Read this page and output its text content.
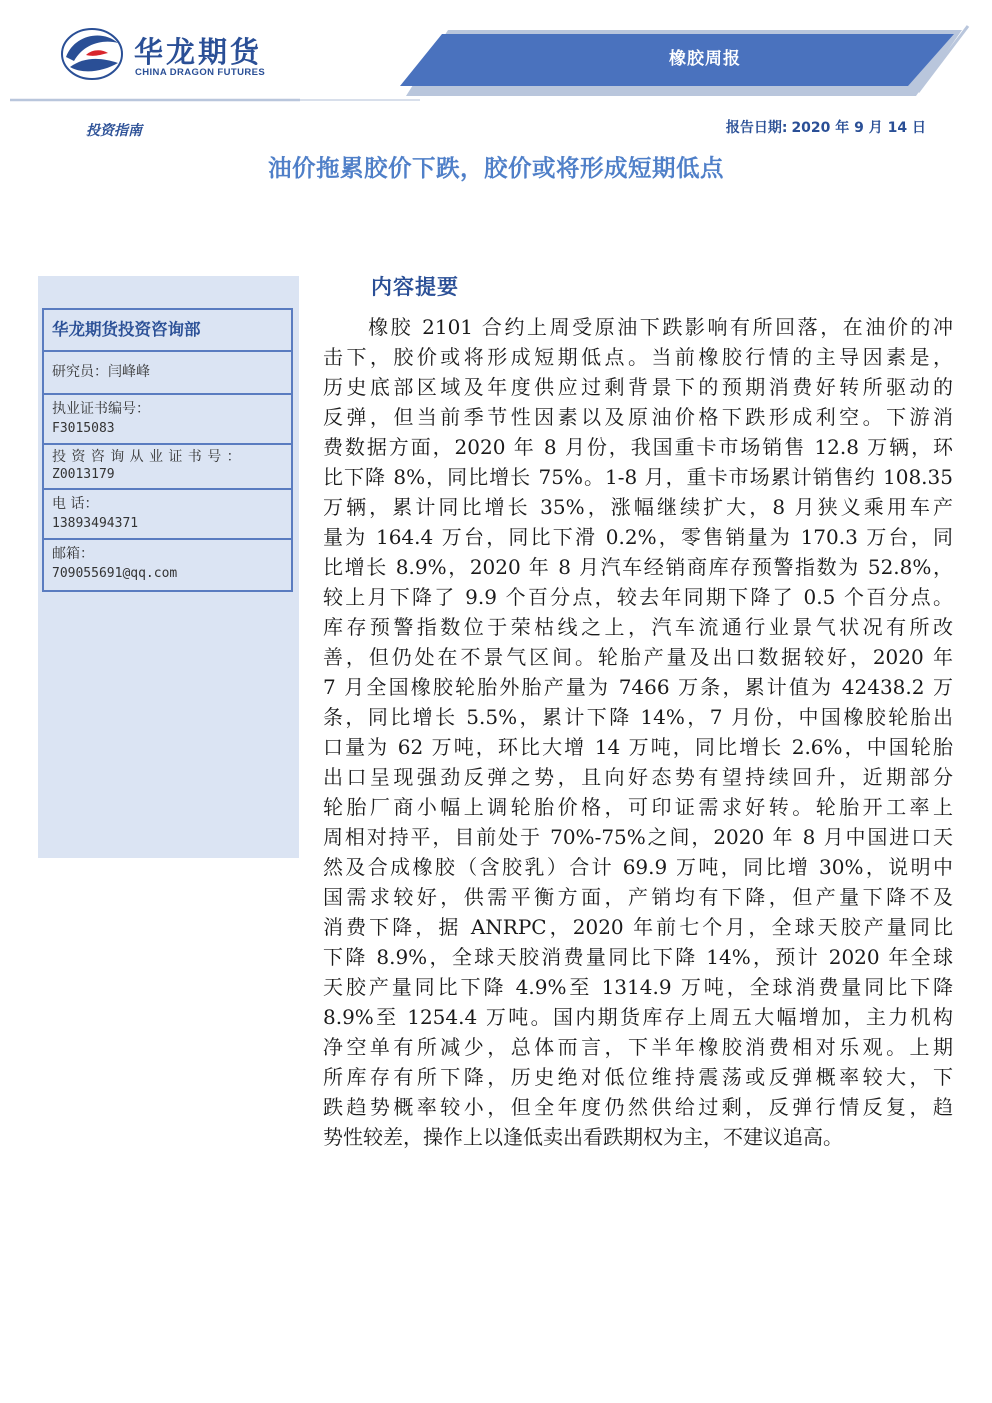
华龙期货
CHINA DRAGON FUTURES
橡胶周报
投资指南	报告日期: 2020 年 9 月 14 日
油价拖累胶价下跌，胶价或将形成短期低点
华龙期货投资咨询部
研究员：闫峰峰
执业证书编号：
F3015083
投资咨询从业证书号：
Z0013179
电 话：
13893494371
邮箱：
709055691@qq.com
内容提要
　　橡胶 2101 合约上周受原油下跌影响有所回落，在油价的冲
击下，胶价或将形成短期低点。当前橡胶行情的主导因素是，
历史底部区域及年度供应过剩背景下的预期消费好转所驱动的
反弹，但当前季节性因素以及原油价格下跌形成利空。下游消
费数据方面，2020 年 8 月份，我国重卡市场销售 12.8 万辆，环
比下降 8%，同比增长 75%。1-8 月，重卡市场累计销售约 108.35
万辆，累计同比增长 35%，涨幅继续扩大，8 月狭义乘用车产
量为 164.4 万台，同比下滑 0.2%，零售销量为 170.3 万台，同
比增长 8.9%，2020 年 8 月汽车经销商库存预警指数为 52.8%，
较上月下降了 9.9 个百分点，较去年同期下降了 0.5 个百分点。
库存预警指数位于荣枯线之上，汽车流通行业景气状况有所改
善，但仍处在不景气区间。轮胎产量及出口数据较好，2020 年
7 月全国橡胶轮胎外胎产量为 7466 万条，累计值为 42438.2 万
条，同比增长 5.5%，累计下降 14%，7 月份，中国橡胶轮胎出
口量为 62 万吨，环比大增 14 万吨，同比增长 2.6%，中国轮胎
出口呈现强劲反弹之势，且向好态势有望持续回升，近期部分
轮胎厂商小幅上调轮胎价格，可印证需求好转。轮胎开工率上
周相对持平，目前处于 70%-75%之间，2020 年 8 月中国进口天
然及合成橡胶（含胶乳）合计 69.9 万吨，同比增 30%，说明中
国需求较好，供需平衡方面，产销均有下降，但产量下降不及
消费下降，据 ANRPC，2020 年前七个月，全球天胶产量同比
下降 8.9%，全球天胶消费量同比下降 14%，预计 2020 年全球
天胶产量同比下降 4.9%至 1314.9 万吨，全球消费量同比下降
8.9%至 1254.4 万吨。国内期货库存上周五大幅增加，主力机构
净空单有所减少，总体而言，下半年橡胶消费相对乐观。上期
所库存有所下降，历史绝对低位维持震荡或反弹概率较大，下
跌趋势概率较小，但全年度仍然供给过剩，反弹行情反复，趋
势性较差，操作上以逢低卖出看跌期权为主，不建议追高。
